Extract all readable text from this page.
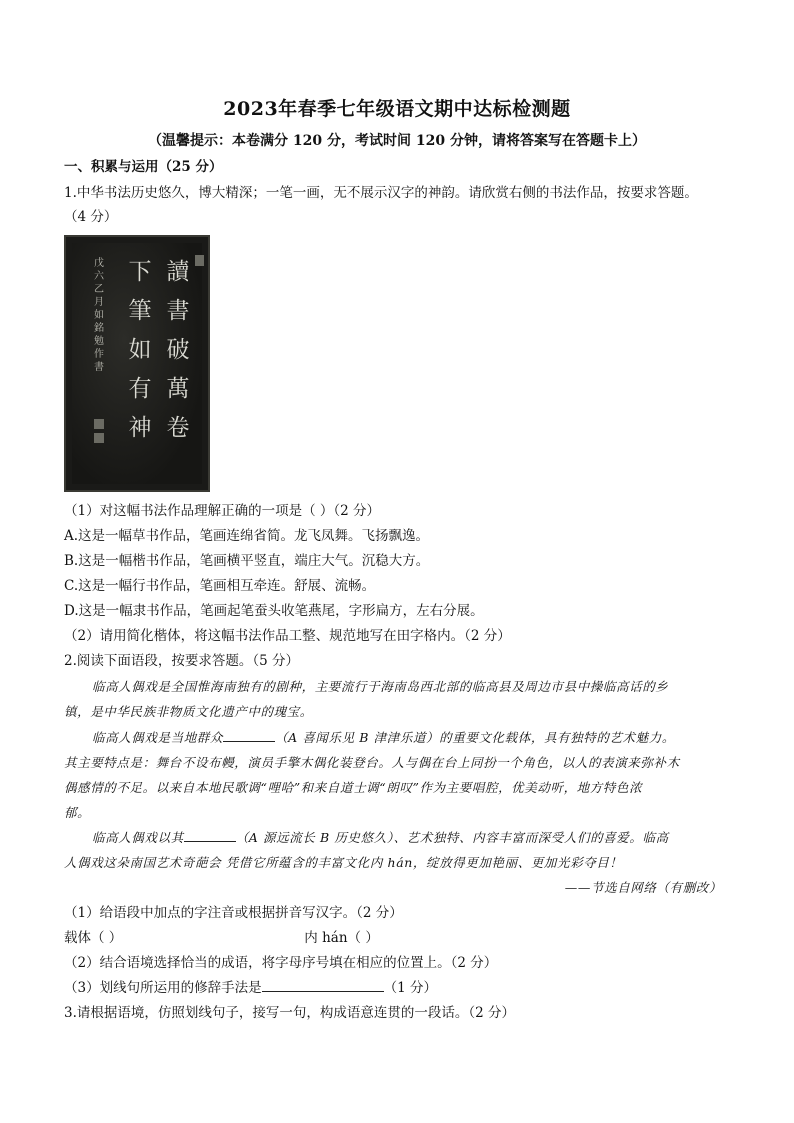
2023年春季七年级语文期中达标检测题
（温馨提示：本卷满分 120 分，考试时间 120 分钟，请将答案写在答题卡上）
一、积累与运用（25 分）
1.中华书法历史悠久，博大精深；一笔一画，无不展示汉字的神韵。请欣赏右侧的书法作品，按要求答题。
（4 分）
讀
書
破
萬
卷
下
筆
如
有
神
戊
六
乙
月
如
銘
勉
作
書
（1）对这幅书法作品理解正确的一项是（ ）（2 分）
A.这是一幅草书作品，笔画连绵省简。龙飞凤舞。飞扬飘逸。
B.这是一幅楷书作品，笔画横平竖直，端庄大气。沉稳大方。
C.这是一幅行书作品，笔画相互牵连。舒展、流畅。
D.这是一幅隶书作品，笔画起笔蚕头收笔燕尾，字形扁方，左右分展。
（2）请用简化楷体，将这幅书法作品工整、规范地写在田字格内。（2 分）
2.阅读下面语段，按要求答题。（5 分）
临高人偶戏是全国惟海南独有的剧种，主要流行于海南岛西北部的临高县及周边市县中操临高话的乡
镇，是中华民族非物质文化遗产中的瑰宝。
临高人偶戏是当地群众	（A 喜闻乐见 B 津津乐道）的重要文化载体，具有独特的艺术魅力。
其主要特点是：舞台不设布幔，演员手擎木偶化装登台。人与偶在台上同扮一个角色，以人的表演来弥补木
偶感情的不足。以来自本地民歌调“哩哈”和来自道士调“朗叹”作为主要唱腔，优美动听，地方特色浓
郁。
临高人偶戏以其	（A 源远流长 B 历史悠久）、艺术独特、内容丰富而深受人们的喜爱。临高
人偶戏这朵南国艺术奇葩会 凭借它所蕴含的丰富文化内 hán，绽放得更加艳丽、更加光彩夺目！
——节选自网络（有删改）
（1）给语段中加点的字注音或根据拼音写汉字。（2 分）
载体（ ）	内 hán（ ）
（2）结合语境选择恰当的成语，将字母序号填在相应的位置上。（2 分）
（3）划线句所运用的修辞手法是	（1 分）
3.请根据语境，仿照划线句子，接写一句，构成语意连贯的一段话。（2 分）
